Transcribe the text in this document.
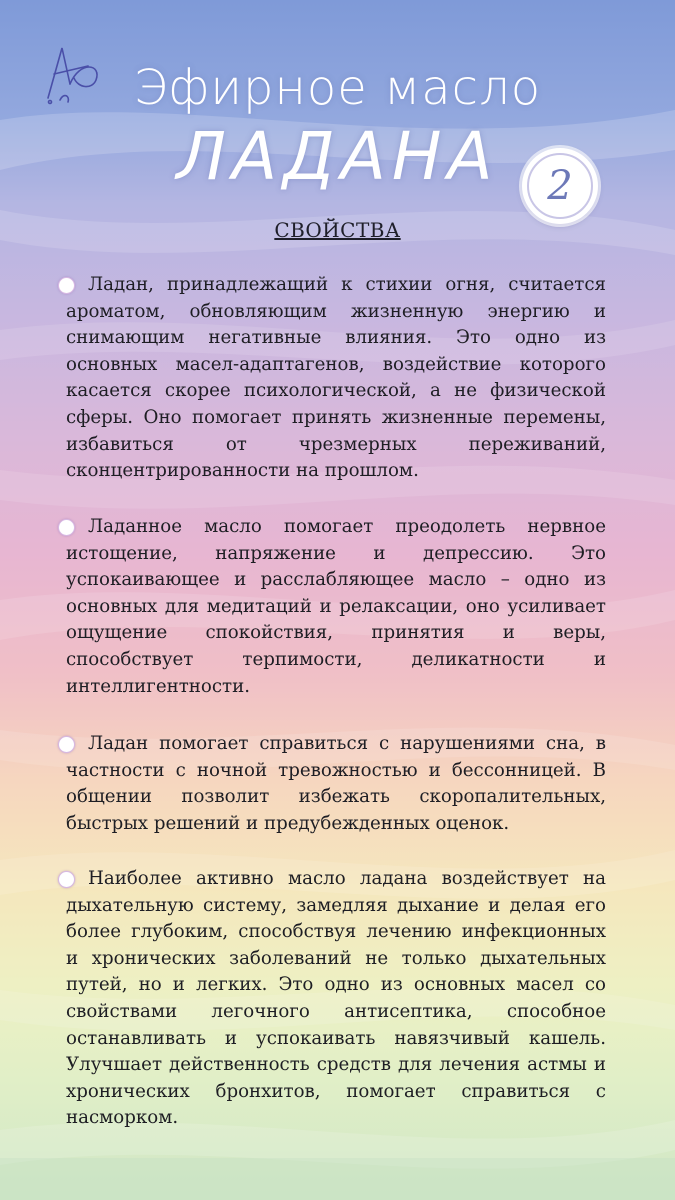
Эфирное масло
ЛАДАНА	2
СВОЙСТВА
Ладан, принадлежащий к стихии огня, считается ароматом, обновляющим жизненную энергию и снимающим негативные влияния. Это одно из основных масел-адаптагенов, воздействие которого касается скорее психологической, а не физической сферы. Оно помогает принять жизненные перемены, избавиться от чрезмерных переживаний, сконцентрированности на прошлом.
Ладанное масло помогает преодолеть нервное истощение, напряжение и депрессию. Это успокаивающее и расслабляющее масло – одно из основных для медитаций и релаксации, оно усиливает ощущение спокойствия, принятия и веры, способствует терпимости, деликатности и интеллигентности.
Ладан помогает справиться с нарушениями сна, в частности с ночной тревожностью и бессонницей. В общении позволит избежать скоропалительных, быстрых решений и предубежденных оценок.
Наиболее активно масло ладана воздействует на дыхательную систему, замедляя дыхание и делая его более глубоким, способствуя лечению инфекционных и хронических заболеваний не только дыхательных путей, но и легких. Это одно из основных масел со свойствами легочного антисептика, способное останавливать и успокаивать навязчивый кашель. Улучшает действенность средств для лечения астмы и хронических бронхитов, помогает справиться с насморком.
